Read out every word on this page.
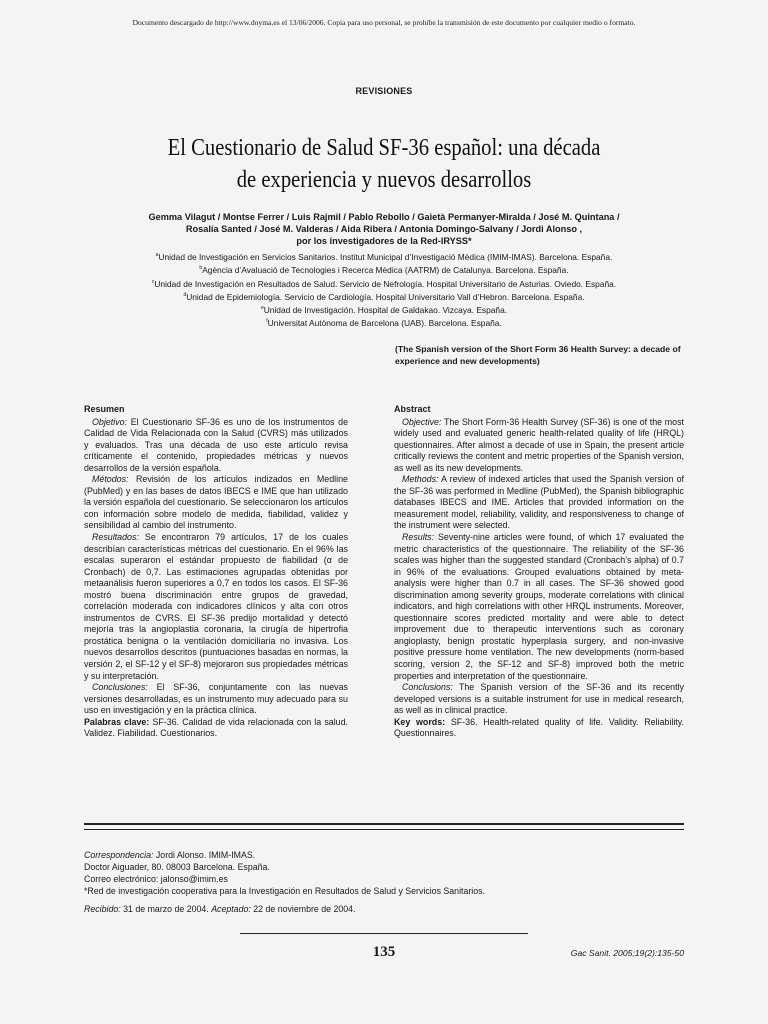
Documento descargado de http://www.doyma.es el 13/06/2006. Copia para uso personal, se prohíbe la transmisión de este documento por cualquier medio o formato.
REVISIONES
El Cuestionario de Salud SF-36 español: una década
de experiencia y nuevos desarrollos
Gemma Vilagut / Montse Ferrer / Luis Rajmil / Pablo Rebollo / Gaietà Permanyer-Miralda / José M. Quintana /
Rosalía Santed / José M. Valderas / Aida Ribera / Antonia Domingo-Salvany / Jordi Alonso ,
por los investigadores de la Red-IRYSS*
$^a$Unidad de Investigación en Servicios Sanitarios. Institut Municipal d’Investigació Mèdica (IMIM-IMAS). Barcelona. España.
$^b$Agència d’Avaluació de Tecnologies i Recerca Mèdica (AATRM) de Catalunya. Barcelona. España.
$^c$Unidad de Investigación en Resultados de Salud. Servicio de Nefrología. Hospital Universitario de Asturias. Oviedo. España.
$^d$Unidad de Epidemiología. Servicio de Cardiología. Hospital Universitario Vall d’Hebron. Barcelona. España.
$^e$Unidad de Investigación. Hospital de Galdakao. Vizcaya. España.
$^f$Universitat Autònoma de Barcelona (UAB). Barcelona. España.
(The Spanish version of the Short Form 36 Health Survey: a decade of experience and new developments)
Resumen

Objetivo: El Cuestionario SF-36 es uno de los instrumentos de Calidad de Vida Relacionada con la Salud (CVRS) más utilizados y evaluados. Tras una década de uso este artículo revisa críticamente el contenido, propiedades métricas y nuevos desarrollos de la versión española.

Métodos: Revisión de los artículos indizados en Medline (PubMed) y en las bases de datos IBECS e IME que han utilizado la versión española del cuestionario. Se seleccionaron los artículos con información sobre modelo de medida, fiabilidad, validez y sensibilidad al cambio del instrumento.

Resultados: Se encontraron 79 artículos, 17 de los cuales describían características métricas del cuestionario. En el 96% las escalas superaron el estándar propuesto de fiabilidad (α de Cronbach) de 0,7. Las estimaciones agrupadas obtenidas por metaanálisis fueron superiores a 0,7 en todos los casos. El SF-36 mostró buena discriminación entre grupos de gravedad, correlación moderada con indicadores clínicos y alta con otros instrumentos de CVRS. El SF-36 predijo mortalidad y detectó mejoría tras la angioplastia coronaria, la cirugía de hipertrofia prostática benigna o la ventilación domiciliaria no invasiva. Los nuevos desarrollos descritos (puntuaciones basadas en normas, la versión 2, el SF-12 y el SF-8) mejoraron sus propiedades métricas y su interpretación.

Conclusiones: El SF-36, conjuntamente con las nuevas versiones desarrolladas, es un instrumento muy adecuado para su uso en investigación y en la práctica clínica.

Palabras clave: SF-36. Calidad de vida relacionada con la salud. Validez. Fiabilidad. Cuestionarios.

Abstract

Objective: The Short Form-36 Health Survey (SF-36) is one of the most widely used and evaluated generic health-related quality of life (HRQL) questionnaires. After almost a decade of use in Spain, the present article critically reviews the content and metric properties of the Spanish version, as well as its new developments.

Methods: A review of indexed articles that used the Spanish version of the SF-36 was performed in Medline (PubMed), the Spanish bibliographic databases IBECS and IME. Articles that provided information on the measurement model, reliability, validity, and responsiveness to change of the instrument were selected.

Results: Seventy-nine articles were found, of which 17 evaluated the metric characteristics of the questionnaire. The reliability of the SF-36 scales was higher than the suggested standard (Cronbach’s alpha) of 0.7 in 96% of the evaluations. Grouped evaluations obtained by meta-analysis were higher than 0.7 in all cases. The SF-36 showed good discrimination among severity groups, moderate correlations with clinical indicators, and high correlations with other HRQL instruments. Moreover, questionnaire scores predicted mortality and were able to detect improvement due to therapeutic interventions such as coronary angioplasty, benign prostatic hyperplasia surgery, and non-invasive positive pressure home ventilation. The new developments (norm-based scoring, version 2, the SF-12 and SF-8) improved both the metric properties and interpretation of the questionnaire.

Conclusions: The Spanish version of the SF-36 and its recently developed versions is a suitable instrument for use in medical research, as well as in clinical practice.

Key words: SF-36. Health-related quality of life. Validity. Reliability. Questionnaires.

Correspondencia: Jordi Alonso. IMIM-IMAS.
Doctor Aiguader, 80. 08003 Barcelona. España.
Correo electrónico: jalonso@imim.es
*Red de investigación cooperativa para la Investigación en Resultados de Salud y Servicios Sanitarios.
Recibido: 31 de marzo de 2004. Aceptado: 22 de noviembre de 2004.
135	Gac Sanit. 2005;19(2):135-50
